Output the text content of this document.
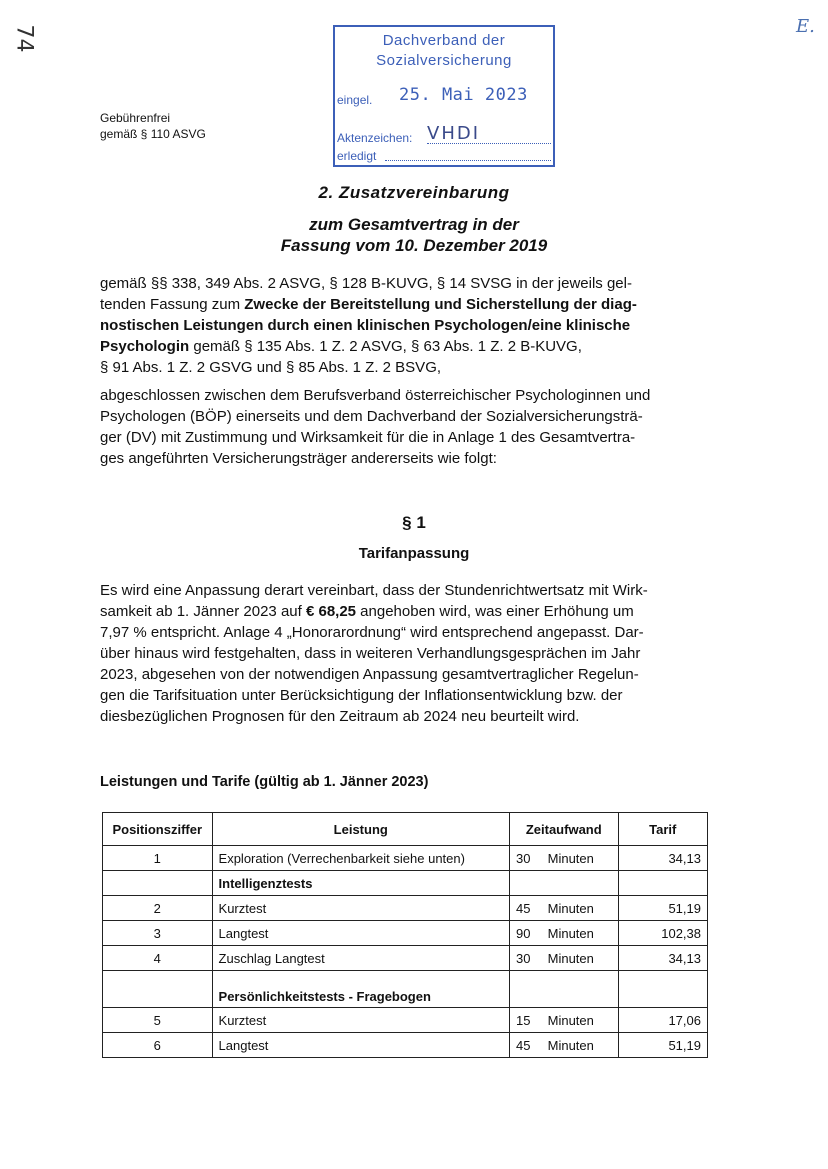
74	E.
Gebührenfrei
gemäß § 110 ASVG
Dachverband der
Sozialversicherung
eingel. 25. Mai 2023
Aktenzeichen: VHDI
erledigt
2. Zusatzvereinbarung
zum Gesamtvertrag in der
Fassung vom 10. Dezember 2019
gemäß §§ 338, 349 Abs. 2 ASVG, § 128 B-KUVG, § 14 SVSG in der jeweils gel-
tenden Fassung zum Zwecke der Bereitstellung und Sicherstellung der diag-
nostischen Leistungen durch einen klinischen Psychologen/eine klinische
Psychologin gemäß § 135 Abs. 1 Z. 2 ASVG, § 63 Abs. 1 Z. 2 B-KUVG,
§ 91 Abs. 1 Z. 2 GSVG und § 85 Abs. 1 Z. 2 BSVG,
abgeschlossen zwischen dem Berufsverband österreichischer Psychologinnen und
Psychologen (BÖP) einerseits und dem Dachverband der Sozialversicherungsträ-
ger (DV) mit Zustimmung und Wirksamkeit für die in Anlage 1 des Gesamtvertra-
ges angeführten Versicherungsträger andererseits wie folgt:
§ 1
Tarifanpassung
Es wird eine Anpassung derart vereinbart, dass der Stundenrichtwertsatz mit Wirk-
samkeit ab 1. Jänner 2023 auf € 68,25 angehoben wird, was einer Erhöhung um
7,97 % entspricht. Anlage 4 „Honorarordnung“ wird entsprechend angepasst. Dar-
über hinaus wird festgehalten, dass in weiteren Verhandlungsgesprächen im Jahr
2023, abgesehen von der notwendigen Anpassung gesamtvertraglicher Regelun-
gen die Tarifsituation unter Berücksichtigung der Inflationsentwicklung bzw. der
diesbezüglichen Prognosen für den Zeitraum ab 2024 neu beurteilt wird.
Leistungen und Tarife (gültig ab 1. Jänner 2023)
Positionsziffer	Leistung	Zeitaufwand	Tarif
1	Exploration (Verrechenbarkeit siehe unten)	30 Minuten	34,13
	Intelligenztests		
2	Kurztest	45 Minuten	51,19
3	Langtest	90 Minuten	102,38
4	Zuschlag Langtest	30 Minuten	34,13
	Persönlichkeitstests - Fragebogen		
5	Kurztest	15 Minuten	17,06
6	Langtest	45 Minuten	51,19
